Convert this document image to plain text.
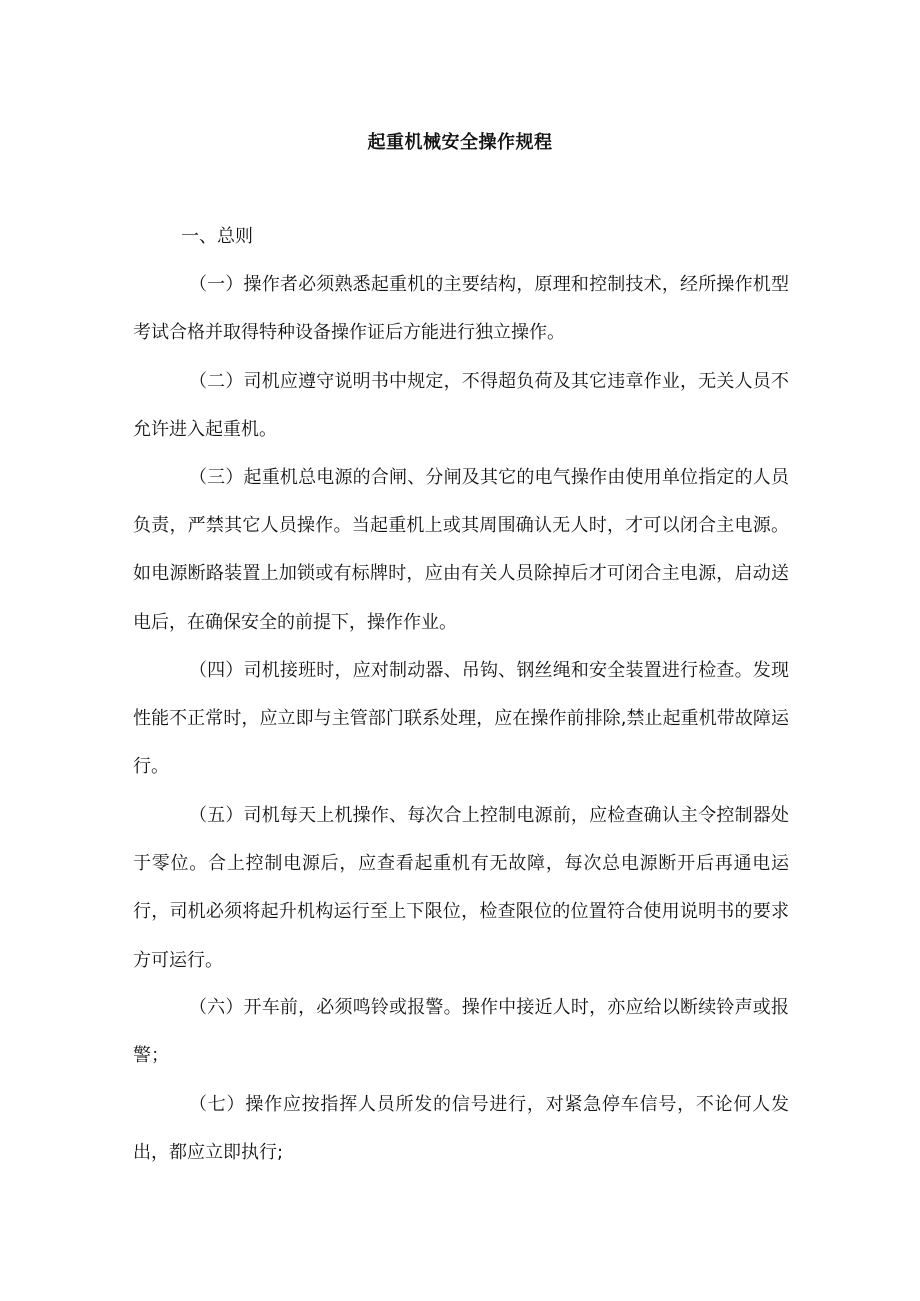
起重机械安全操作规程
一、总则

（一）操作者必须熟悉起重机的主要结构，原理和控制技术，经所操作机型考试合格并取得特种设备操作证后方能进行独立操作。

（二）司机应遵守说明书中规定，不得超负荷及其它违章作业，无关人员不允许进入起重机。

（三）起重机总电源的合闸、分闸及其它的电气操作由使用单位指定的人员负责，严禁其它人员操作。当起重机上或其周围确认无人时，才可以闭合主电源。如电源断路装置上加锁或有标牌时，应由有关人员除掉后才可闭合主电源，启动送电后，在确保安全的前提下，操作作业。

（四）司机接班时，应对制动器、吊钩、钢丝绳和安全装置进行检查。发现性能不正常时，应立即与主管部门联系处理，应在操作前排除,禁止起重机带故障运行。

（五）司机每天上机操作、每次合上控制电源前，应检查确认主令控制器处于零位。合上控制电源后，应查看起重机有无故障，每次总电源断开后再通电运行，司机必须将起升机构运行至上下限位，检查限位的位置符合使用说明书的要求方可运行。

（六）开车前，必须鸣铃或报警。操作中接近人时，亦应给以断续铃声或报警；

（七）操作应按指挥人员所发的信号进行，对紧急停车信号，不论何人发出，都应立即执行;
